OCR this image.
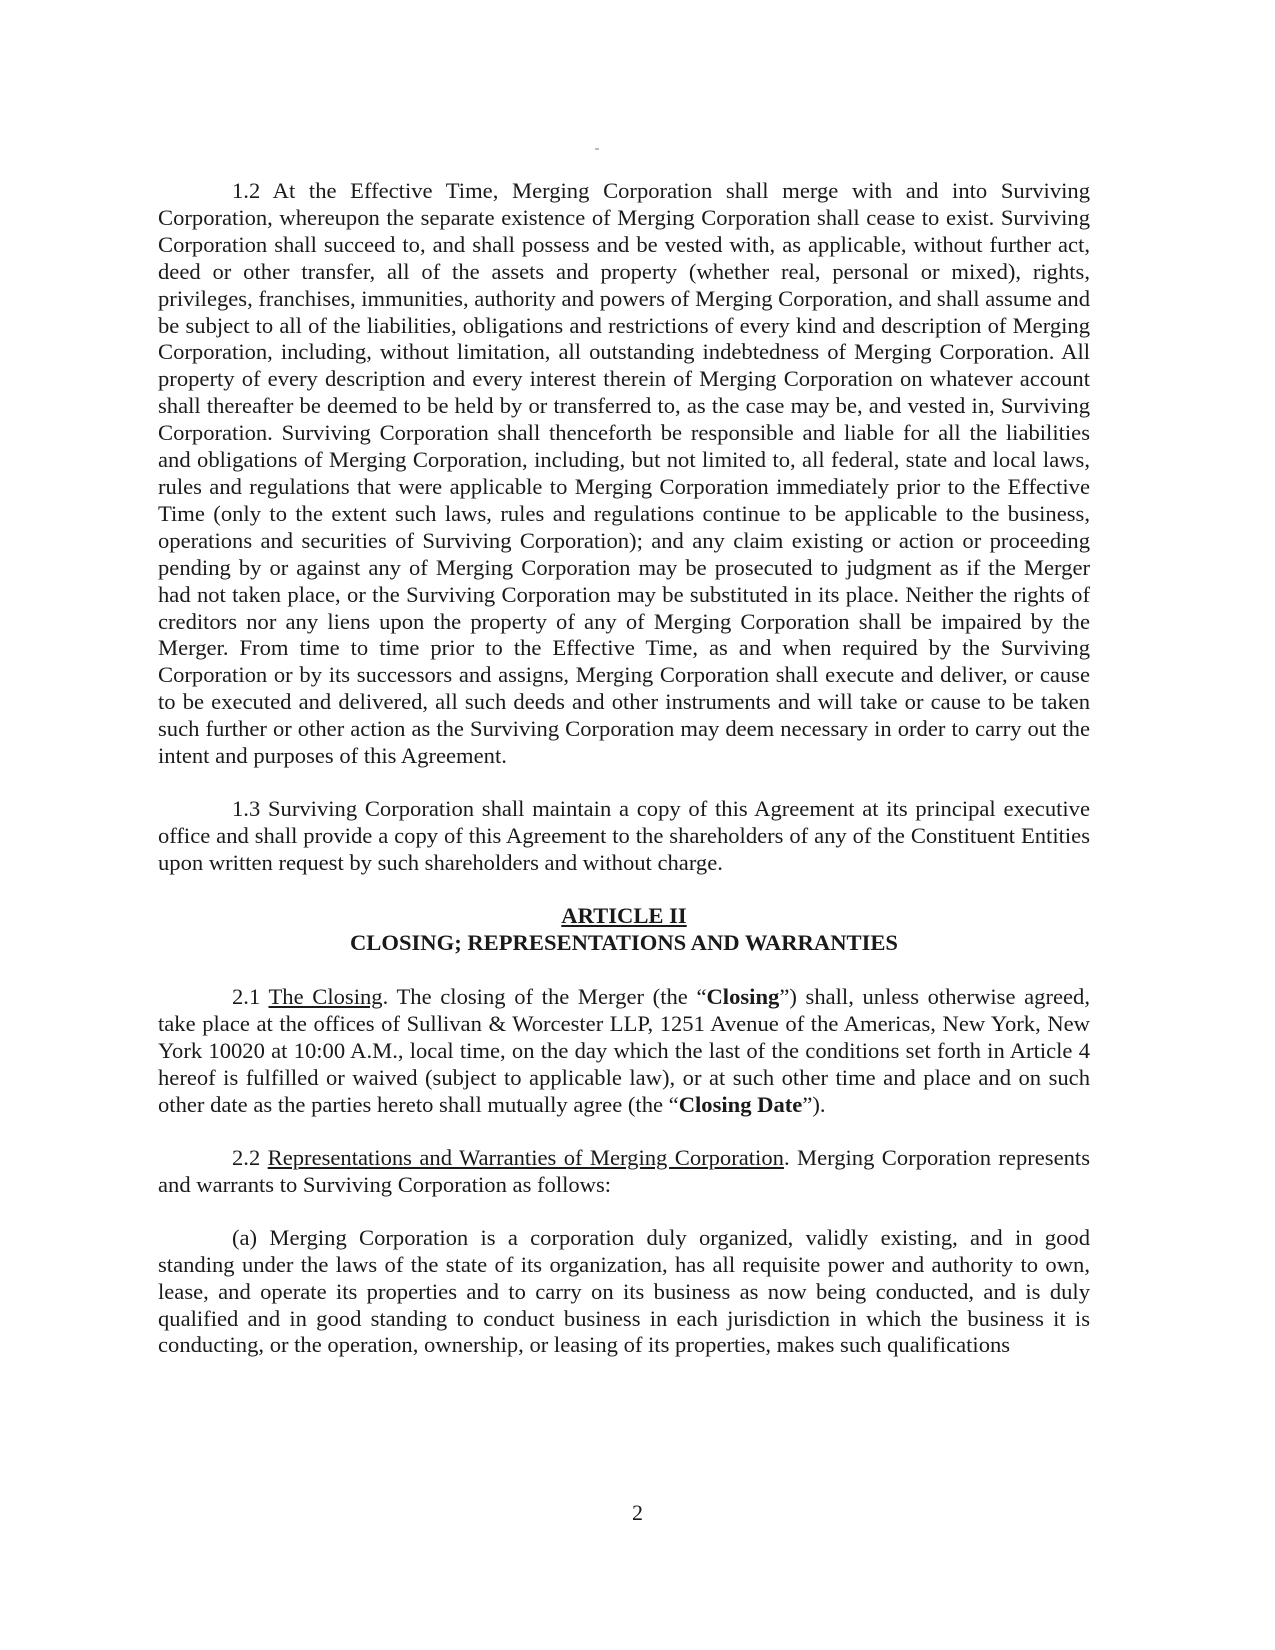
1.2 At the Effective Time, Merging Corporation shall merge with and into Surviving Corporation, whereupon the separate existence of Merging Corporation shall cease to exist. Surviving Corporation shall succeed to, and shall possess and be vested with, as applicable, without further act, deed or other transfer, all of the assets and property (whether real, personal or mixed), rights, privileges, franchises, immunities, authority and powers of Merging Corporation, and shall assume and be subject to all of the liabilities, obligations and restrictions of every kind and description of Merging Corporation, including, without limitation, all outstanding indebtedness of Merging Corporation. All property of every description and every interest therein of Merging Corporation on whatever account shall thereafter be deemed to be held by or transferred to, as the case may be, and vested in, Surviving Corporation. Surviving Corporation shall thenceforth be responsible and liable for all the liabilities and obligations of Merging Corporation, including, but not limited to, all federal, state and local laws, rules and regulations that were applicable to Merging Corporation immediately prior to the Effective Time (only to the extent such laws, rules and regulations continue to be applicable to the business, operations and securities of Surviving Corporation); and any claim existing or action or proceeding pending by or against any of Merging Corporation may be prosecuted to judgment as if the Merger had not taken place, or the Surviving Corporation may be substituted in its place. Neither the rights of creditors nor any liens upon the property of any of Merging Corporation shall be impaired by the Merger. From time to time prior to the Effective Time, as and when required by the Surviving Corporation or by its successors and assigns, Merging Corporation shall execute and deliver, or cause to be executed and delivered, all such deeds and other instruments and will take or cause to be taken such further or other action as the Surviving Corporation may deem necessary in order to carry out the intent and purposes of this Agreement.

1.3 Surviving Corporation shall maintain a copy of this Agreement at its principal executive office and shall provide a copy of this Agreement to the shareholders of any of the Constituent Entities upon written request by such shareholders and without charge.

ARTICLE II
CLOSING; REPRESENTATIONS AND WARRANTIES

2.1 The Closing. The closing of the Merger (the “Closing”) shall, unless otherwise agreed, take place at the offices of Sullivan & Worcester LLP, 1251 Avenue of the Americas, New York, New York 10020 at 10:00 A.M., local time, on the day which the last of the conditions set forth in Article 4 hereof is fulfilled or waived (subject to applicable law), or at such other time and place and on such other date as the parties hereto shall mutually agree (the “Closing Date”).

2.2 Representations and Warranties of Merging Corporation. Merging Corporation represents and warrants to Surviving Corporation as follows:

(a) Merging Corporation is a corporation duly organized, validly existing, and in good standing under the laws of the state of its organization, has all requisite power and authority to own, lease, and operate its properties and to carry on its business as now being conducted, and is duly qualified and in good standing to conduct business in each jurisdiction in which the business it is conducting, or the operation, ownership, or leasing of its properties, makes such qualifications

2
